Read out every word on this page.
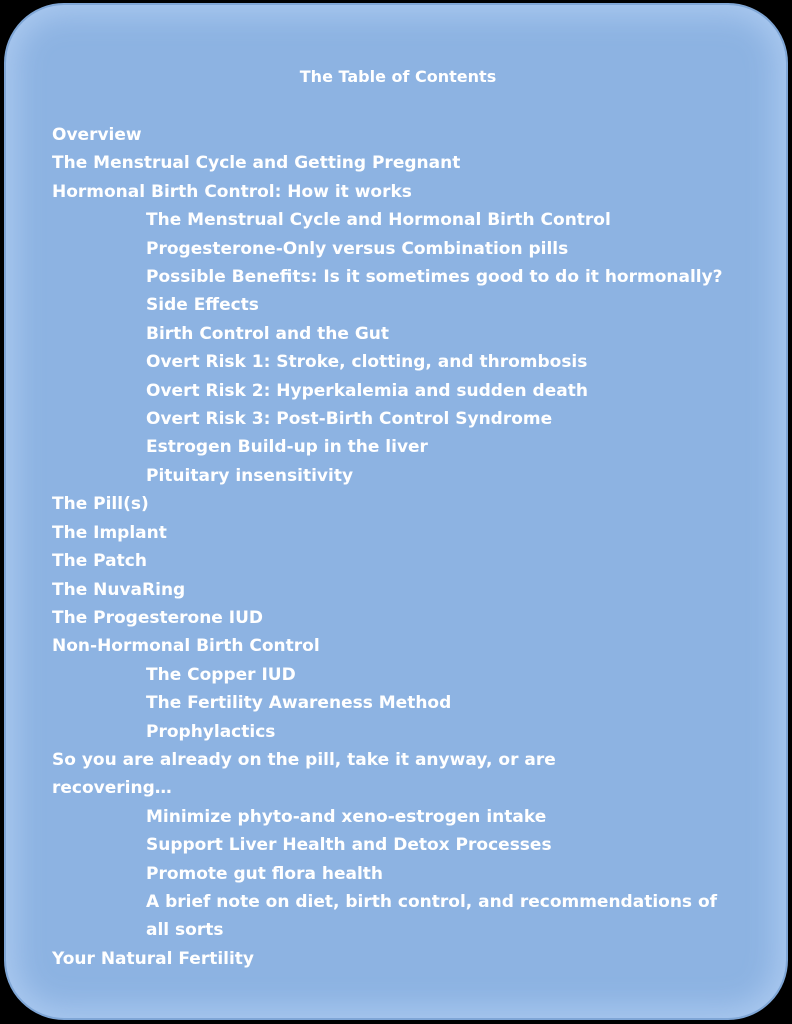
The Table of Contents
Overview
The Menstrual Cycle and Getting Pregnant
Hormonal Birth Control: How it works
The Menstrual Cycle and Hormonal Birth Control
Progesterone-Only versus Combination pills
Possible Benefits: Is it sometimes good to do it hormonally?
Side Effects
Birth Control and the Gut
Overt Risk 1: Stroke, clotting, and thrombosis
Overt Risk 2: Hyperkalemia and sudden death
Overt Risk 3: Post-Birth Control Syndrome
Estrogen Build-up in the liver
Pituitary insensitivity
The Pill(s)
The Implant
The Patch
The NuvaRing
The Progesterone IUD
Non-Hormonal Birth Control
The Copper IUD
The Fertility Awareness Method
Prophylactics
So you are already on the pill, take it anyway, or are recovering…
Minimize phyto-and xeno-estrogen intake
Support Liver Health and Detox Processes
Promote gut flora health
A brief note on diet, birth control, and recommendations of all sorts
Your Natural Fertility
